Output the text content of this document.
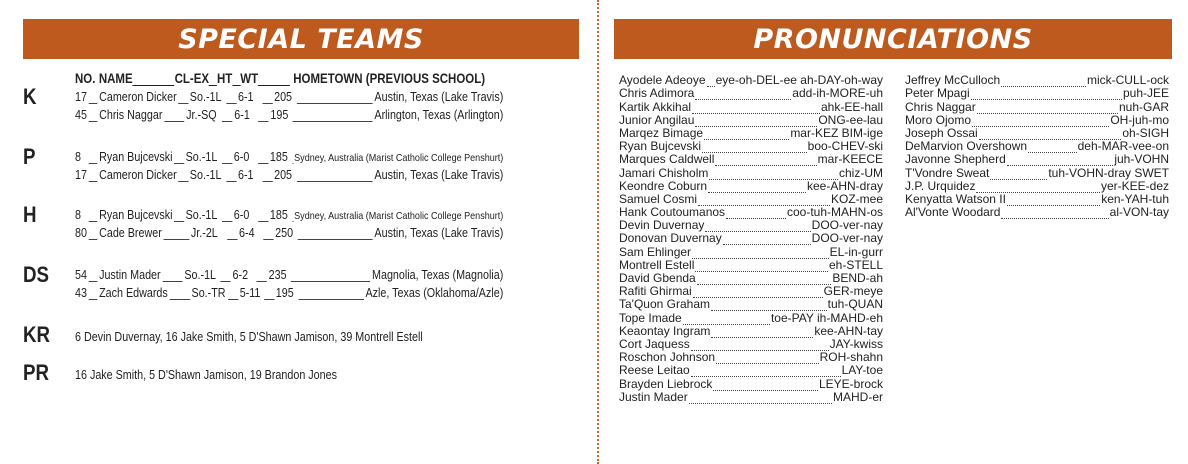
SPECIAL TEAMS	PRONUNCIATIONS
NO. NAME	CL-EX HT WT	HOMETOWN (PREVIOUS SCHOOL)
K	17 Cameron Dicker So.-1L 6-1	205	Austin, Texas (Lake Travis)
45 Chris Naggar Jr.-SQ	6-1	195	Arlington, Texas (Arlington)
P	8	Ryan Bujcevski So.-1L 6-0	185 Sydney, Australia (Marist Catholic College Penshurt)
17 Cameron Dicker So.-1L 6-1	205	Austin, Texas (Lake Travis)
H	8	Ryan Bujcevski So.-1L 6-0	185 Sydney, Australia (Marist Catholic College Penshurt)
80 Cade Brewer Jr.-2L	6-4	250	Austin, Texas (Lake Travis)
DS 54 Justin Mader So.-1L 6-2	235	Magnolia, Texas (Magnolia)
43 Zach Edwards So.-TR 5-11 195	Azle, Texas (Oklahoma/Azle)
KR 6 Devin Duvernay, 16 Jake Smith, 5 D'Shawn Jamison, 39 Montrell Estell
PR 16 Jake Smith, 5 D'Shawn Jamison, 19 Brandon Jones
Ayodele Adeoye eye-oh-DEL-ee ah-DAY-oh-way
Chris Adimora	add-ih-MORE-uh
Kartik Akkihal	ahk-EE-hall
Junior Angilau	ONG-ee-lau
Marqez Bimage	mar-KEZ BIM-ige
Ryan Bujcevski	boo-CHEV-ski
Marques Caldwell	mar-KEECE
Jamari Chisholm	chiz-UM
Keondre Coburn	kee-AHN-dray
Samuel Cosmi	KOZ-mee
Hank Coutoumanos	coo-tuh-MAHN-os
Devin Duvernay	DOO-ver-nay
Donovan Duvernay	DOO-ver-nay
Sam Ehlinger	EL-in-gurr
Montrell Estell	eh-STELL
David Gbenda	BEND-ah
Rafiti Ghirmai	GER-meye
Ta'Quon Graham	tuh-QUAN
Tope Imade	toe-PAY ih-MAHD-eh
Keaontay Ingram	kee-AHN-tay
Cort Jaquess	JAY-kwiss
Roschon Johnson	ROH-shahn
Reese Leitao	LAY-toe
Brayden Liebrock	LEYE-brock
Justin Mader	MAHD-er
Jeffrey McCulloch	mick-CULL-ock
Peter Mpagi	puh-JEE
Chris Naggar	nuh-GAR
Moro Ojomo	OH-juh-mo
Joseph Ossai	oh-SIGH
DeMarvion Overshown	deh-MAR-vee-on
Javonne Shepherd	juh-VOHN
T'Vondre Sweat	tuh-VOHN-dray SWET
J.P. Urquidez	yer-KEE-dez
Kenyatta Watson II	ken-YAH-tuh
Al'Vonte Woodard	al-VON-tay
